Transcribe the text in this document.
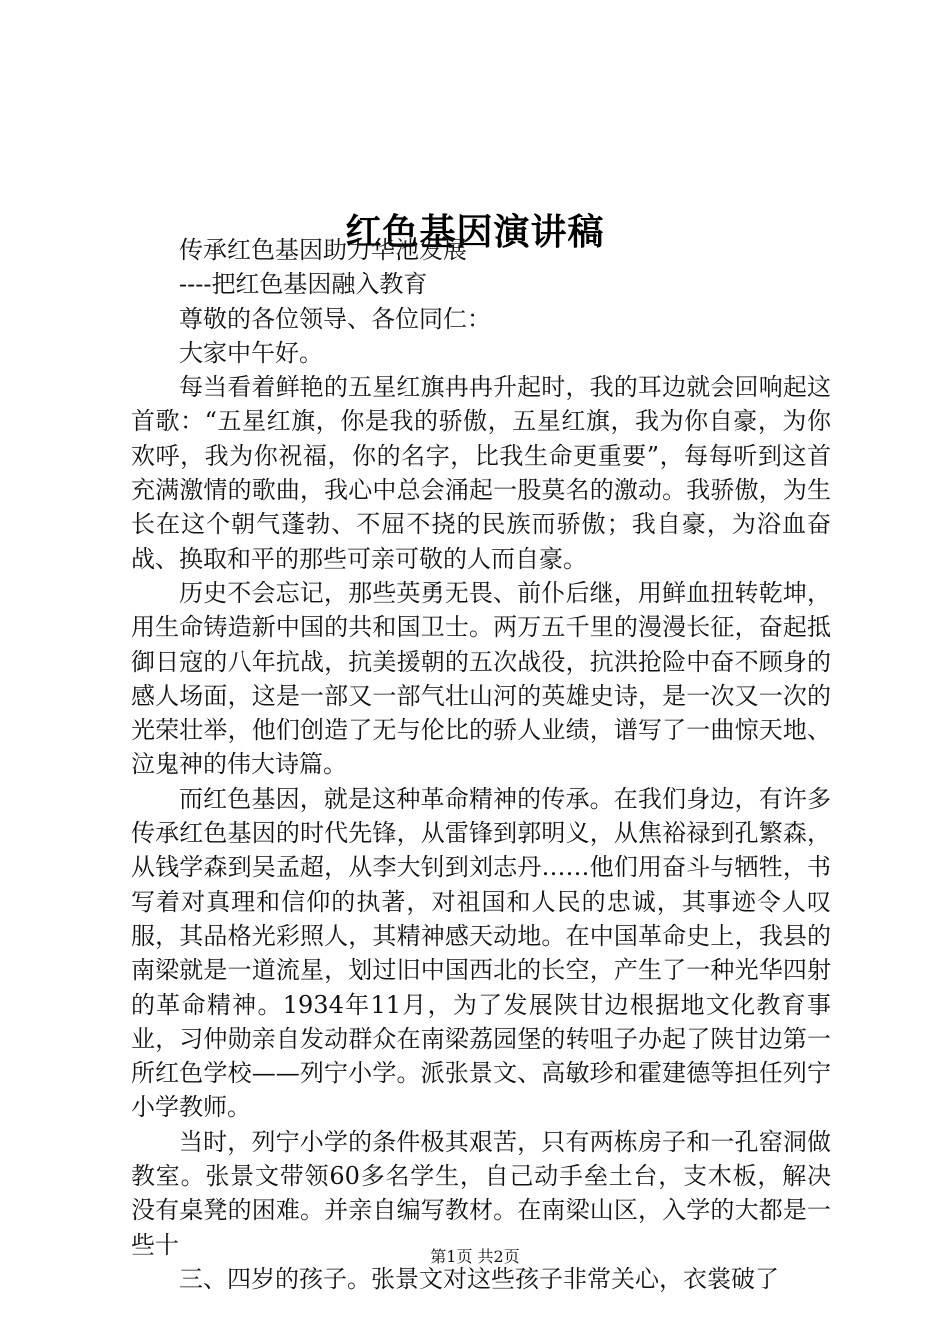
红色基因演讲稿

传承红色基因助力华池发展

----把红色基因融入教育

尊敬的各位领导、各位同仁：

大家中午好。

每当看着鲜艳的五星红旗冉冉升起时，我的耳边就会回响起这首歌：“五星红旗，你是我的骄傲，五星红旗，我为你自豪，为你欢呼，我为你祝福，你的名字，比我生命更重要”，每每听到这首充满激情的歌曲，我心中总会涌起一股莫名的激动。我骄傲，为生长在这个朝气蓬勃、不屈不挠的民族而骄傲；我自豪，为浴血奋战、换取和平的那些可亲可敬的人而自豪。

历史不会忘记，那些英勇无畏、前仆后继，用鲜血扭转乾坤，用生命铸造新中国的共和国卫士。两万五千里的漫漫长征，奋起抵御日寇的八年抗战，抗美援朝的五次战役，抗洪抢险中奋不顾身的感人场面，这是一部又一部气壮山河的英雄史诗，是一次又一次的光荣壮举，他们创造了无与伦比的骄人业绩，谱写了一曲惊天地、泣鬼神的伟大诗篇。

而红色基因，就是这种革命精神的传承。在我们身边，有许多传承红色基因的时代先锋，从雷锋到郭明义，从焦裕禄到孔繁森，从钱学森到吴孟超，从李大钊到刘志丹……他们用奋斗与牺牲，书写着对真理和信仰的执著，对祖国和人民的忠诚，其事迹令人叹服，其品格光彩照人，其精神感天动地。在中国革命史上，我县的南梁就是一道流星，划过旧中国西北的长空，产生了一种光华四射的革命精神。1934年11月，为了发展陕甘边根据地文化教育事业，习仲勋亲自发动群众在南梁荔园堡的转咀子办起了陕甘边第一所红色学校——列宁小学。派张景文、高敏珍和霍建德等担任列宁小学教师。

当时，列宁小学的条件极其艰苦，只有两栋房子和一孔窑洞做教室。张景文带领60多名学生，自己动手垒土台，支木板，解决没有桌凳的困难。并亲自编写教材。在南梁山区，入学的大都是一些十

三、四岁的孩子。张景文对这些孩子非常关心，衣裳破了

第1页 共2页
